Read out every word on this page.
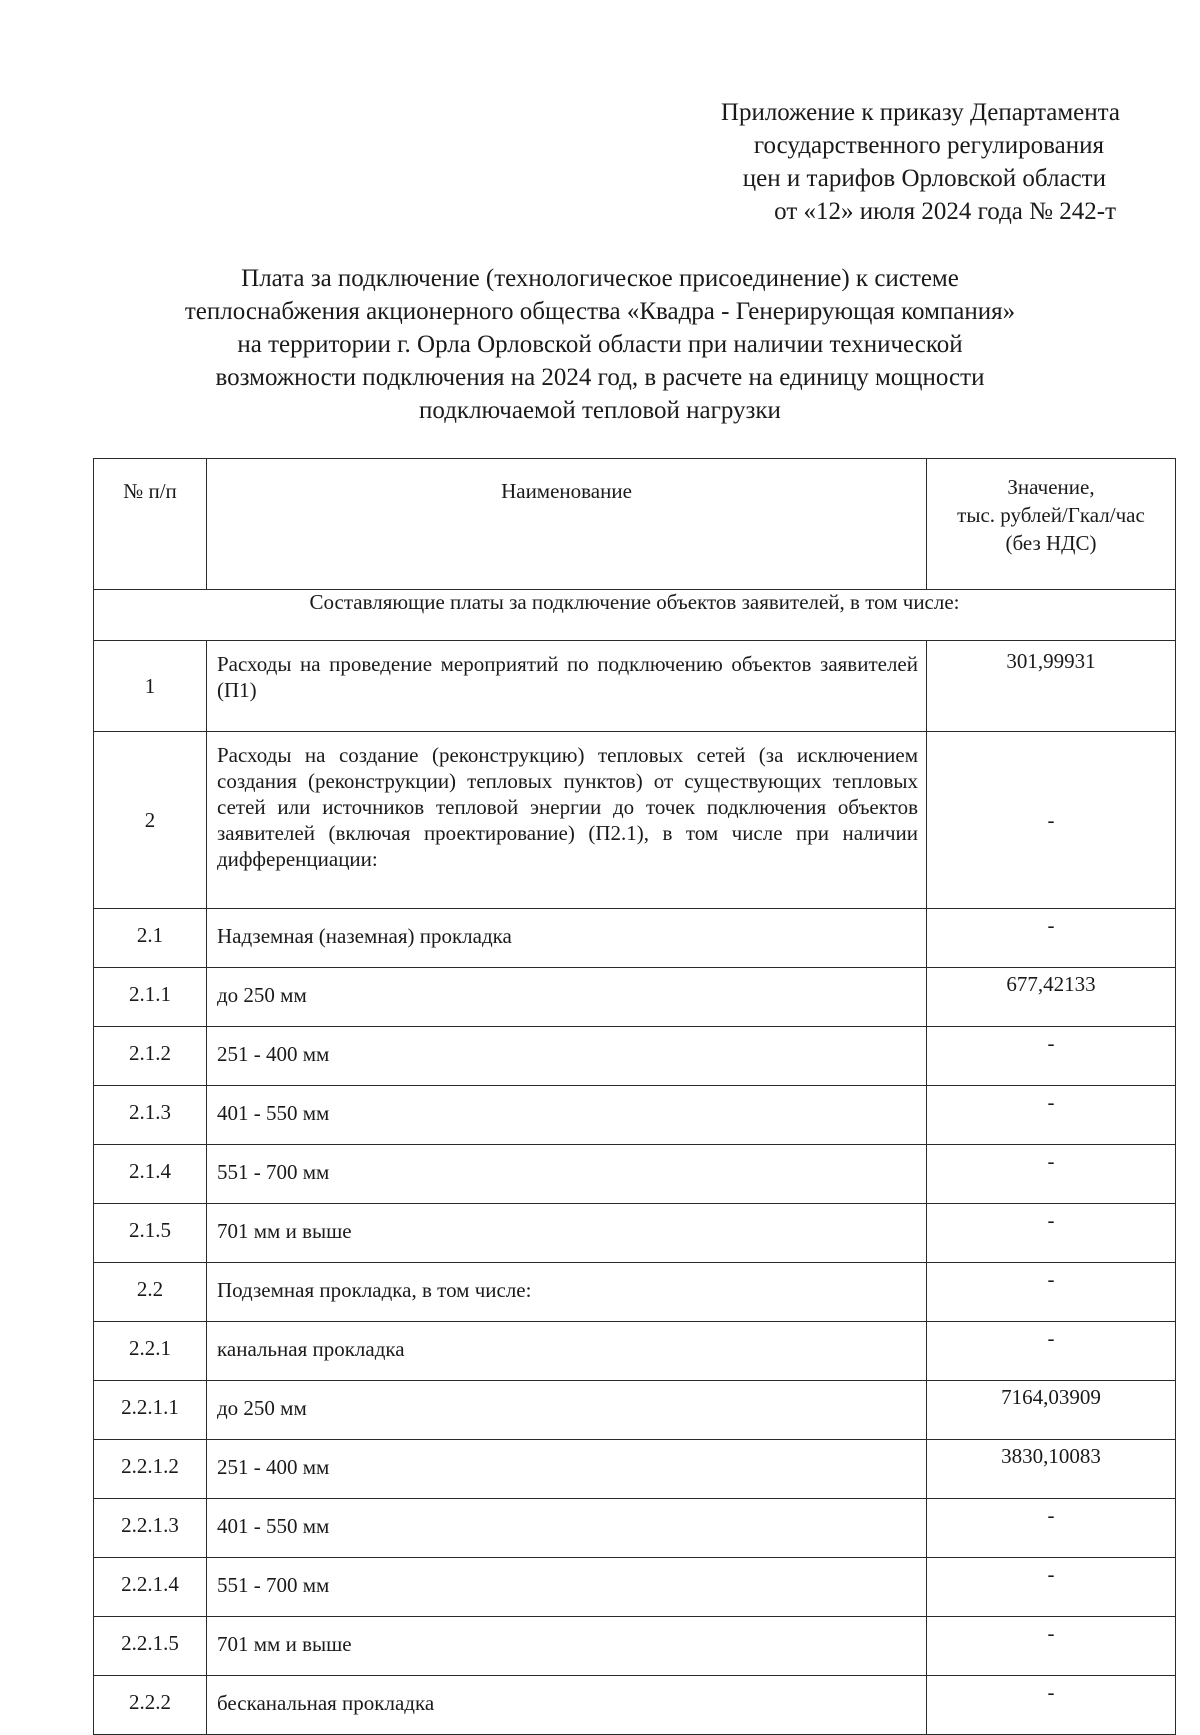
Приложение к приказу Департамента
государственного регулирования
цен и тарифов Орловской области
от «12» июля 2024 года № 242-т
Плата за подключение (технологическое присоединение) к системе
теплоснабжения акционерного общества «Квадра - Генерирующая компания»
на территории г. Орла Орловской области при наличии технической
возможности подключения на 2024 год, в расчете на единицу мощности
подключаемой тепловой нагрузки
№ п/п	Наименование	Значение,
тыс. рублей/Гкал/час
(без НДС)

Составляющие платы за подключение объектов заявителей, в том числе:		
1	Расходы на проведение мероприятий по подключению объектов заявителей (П1)	301,99931
2	Расходы на создание (реконструкцию) тепловых сетей (за исключением создания (реконструкции) тепловых пунктов) от существующих тепловых сетей или источников тепловой энергии до точек подключения объектов заявителей (включая проектирование) (П2.1), в том числе при наличии дифференциации:	-
2.1	Надземная (наземная) прокладка	-
2.1.1	до 250 мм	677,42133
2.1.2	251 - 400 мм	-
2.1.3	401 - 550 мм	-
2.1.4	551 - 700 мм	-
2.1.5	701 мм и выше	-
2.2	Подземная прокладка, в том числе:	-
2.2.1	канальная прокладка	-
2.2.1.1	до 250 мм	7164,03909
2.2.1.2	251 - 400 мм	3830,10083
2.2.1.3	401 - 550 мм	-
2.2.1.4	551 - 700 мм	-
2.2.1.5	701 мм и выше	-
2.2.2	бесканальная прокладка	-
